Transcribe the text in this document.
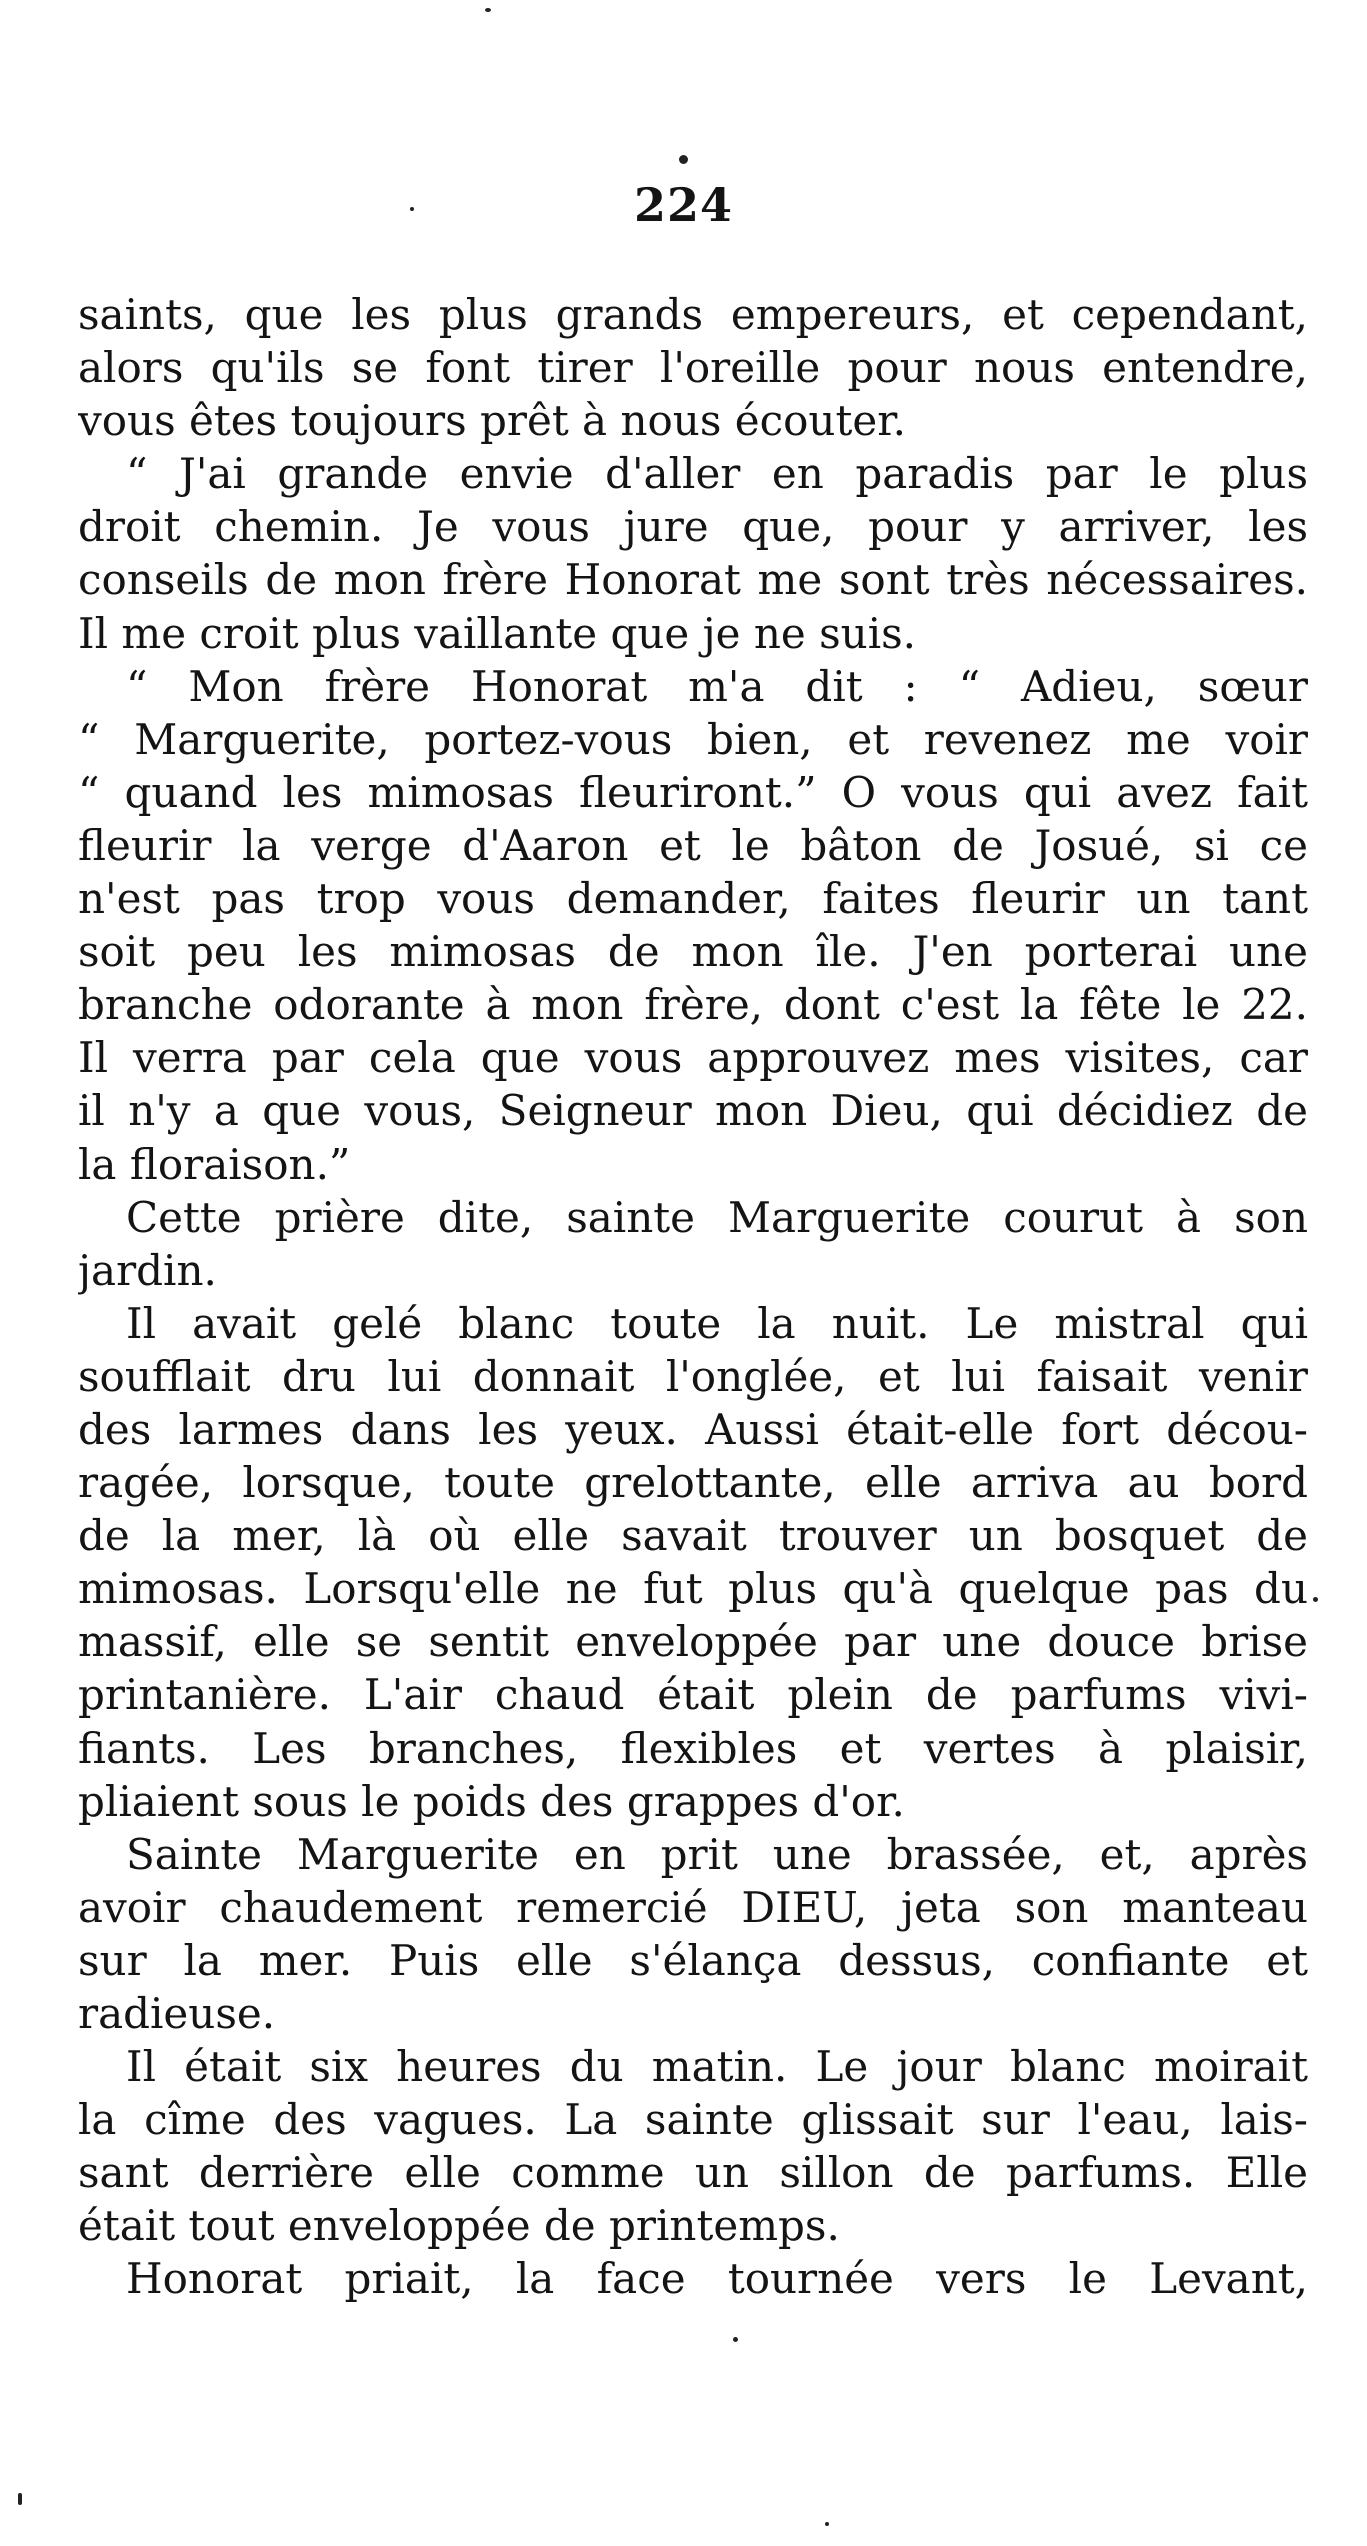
224
saints, que les plus grands empereurs, et cependant,
alors qu'ils se font tirer l'oreille pour nous entendre,
vous êtes toujours prêt à nous écouter.
“ J'ai grande envie d'aller en paradis par le plus
droit chemin. Je vous jure que, pour y arriver, les
conseils de mon frère Honorat me sont très nécessaires.
Il me croit plus vaillante que je ne suis.
“ Mon frère Honorat m'a dit : “ Adieu, sœur
“ Marguerite, portez-vous bien, et revenez me voir
“ quand les mimosas fleuriront.” O vous qui avez fait
fleurir la verge d'Aaron et le bâton de Josué, si ce
n'est pas trop vous demander, faites fleurir un tant
soit peu les mimosas de mon île. J'en porterai une
branche odorante à mon frère, dont c'est la fête le 22.
Il verra par cela que vous approuvez mes visites, car
il n'y a que vous, Seigneur mon Dieu, qui décidiez de
la floraison.”
Cette prière dite, sainte Marguerite courut à son
jardin.
Il avait gelé blanc toute la nuit. Le mistral qui
soufflait dru lui donnait l'onglée, et lui faisait venir
des larmes dans les yeux. Aussi était-elle fort décou-
ragée, lorsque, toute grelottante, elle arriva au bord
de la mer, là où elle savait trouver un bosquet de
mimosas. Lorsqu'elle ne fut plus qu'à quelque pas du
massif, elle se sentit enveloppée par une douce brise
printanière. L'air chaud était plein de parfums vivi-
fiants. Les branches, flexibles et vertes à plaisir,
pliaient sous le poids des grappes d'or.
Sainte Marguerite en prit une brassée, et, après
avoir chaudement remercié DIEU, jeta son manteau
sur la mer. Puis elle s'élança dessus, confiante et
radieuse.
Il était six heures du matin. Le jour blanc moirait
la cîme des vagues. La sainte glissait sur l'eau, lais-
sant derrière elle comme un sillon de parfums. Elle
était tout enveloppée de printemps.
Honorat priait, la face tournée vers le Levant,
